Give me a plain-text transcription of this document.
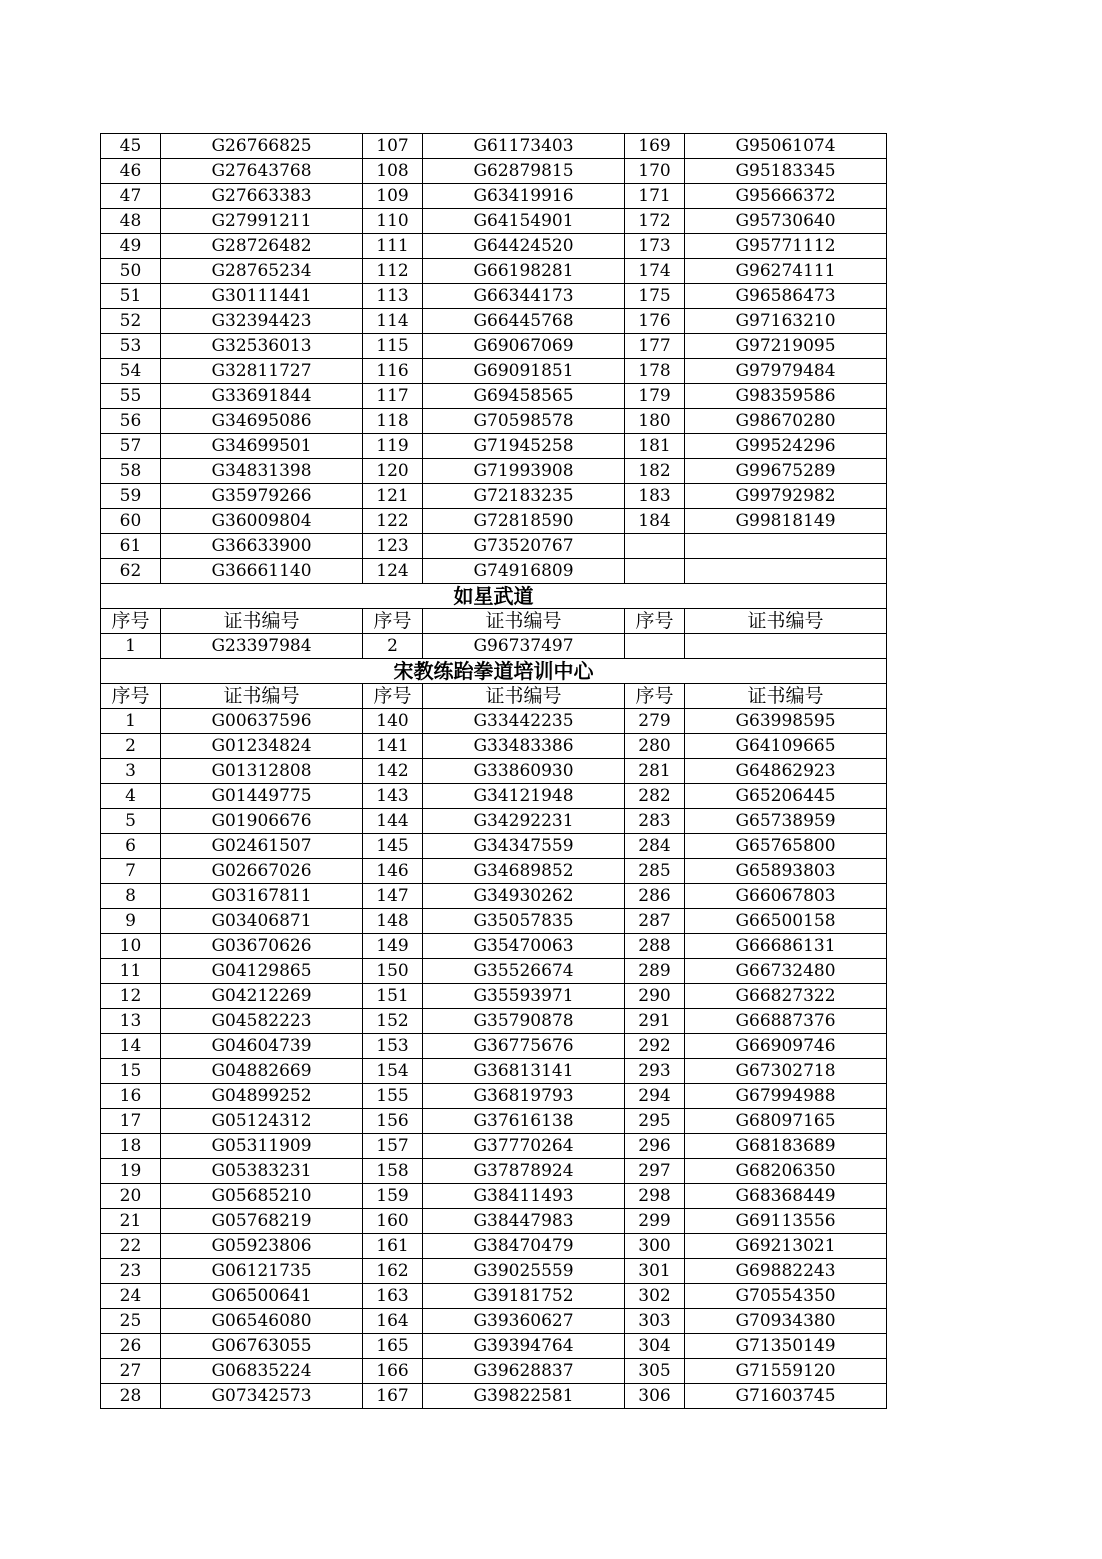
45	G26766825	107	G61173403	169	G95061074
46	G27643768	108	G62879815	170	G95183345
47	G27663383	109	G63419916	171	G95666372
48	G27991211	110	G64154901	172	G95730640
49	G28726482	111	G64424520	173	G95771112
50	G28765234	112	G66198281	174	G96274111
51	G30111441	113	G66344173	175	G96586473
52	G32394423	114	G66445768	176	G97163210
53	G32536013	115	G69067069	177	G97219095
54	G32811727	116	G69091851	178	G97979484
55	G33691844	117	G69458565	179	G98359586
56	G34695086	118	G70598578	180	G98670280
57	G34699501	119	G71945258	181	G99524296
58	G34831398	120	G71993908	182	G99675289
59	G35979266	121	G72183235	183	G99792982
60	G36009804	122	G72818590	184	G99818149
61	G36633900	123	G73520767		
62	G36661140	124	G74916809		
如星武道					
序号	证书编号	序号	证书编号	序号	证书编号
1	G23397984	2	G96737497		
宋教练跆拳道培训中心					
序号	证书编号	序号	证书编号	序号	证书编号
1	G00637596	140	G33442235	279	G63998595
2	G01234824	141	G33483386	280	G64109665
3	G01312808	142	G33860930	281	G64862923
4	G01449775	143	G34121948	282	G65206445
5	G01906676	144	G34292231	283	G65738959
6	G02461507	145	G34347559	284	G65765800
7	G02667026	146	G34689852	285	G65893803
8	G03167811	147	G34930262	286	G66067803
9	G03406871	148	G35057835	287	G66500158
10	G03670626	149	G35470063	288	G66686131
11	G04129865	150	G35526674	289	G66732480
12	G04212269	151	G35593971	290	G66827322
13	G04582223	152	G35790878	291	G66887376
14	G04604739	153	G36775676	292	G66909746
15	G04882669	154	G36813141	293	G67302718
16	G04899252	155	G36819793	294	G67994988
17	G05124312	156	G37616138	295	G68097165
18	G05311909	157	G37770264	296	G68183689
19	G05383231	158	G37878924	297	G68206350
20	G05685210	159	G38411493	298	G68368449
21	G05768219	160	G38447983	299	G69113556
22	G05923806	161	G38470479	300	G69213021
23	G06121735	162	G39025559	301	G69882243
24	G06500641	163	G39181752	302	G70554350
25	G06546080	164	G39360627	303	G70934380
26	G06763055	165	G39394764	304	G71350149
27	G06835224	166	G39628837	305	G71559120
28	G07342573	167	G39822581	306	G71603745
